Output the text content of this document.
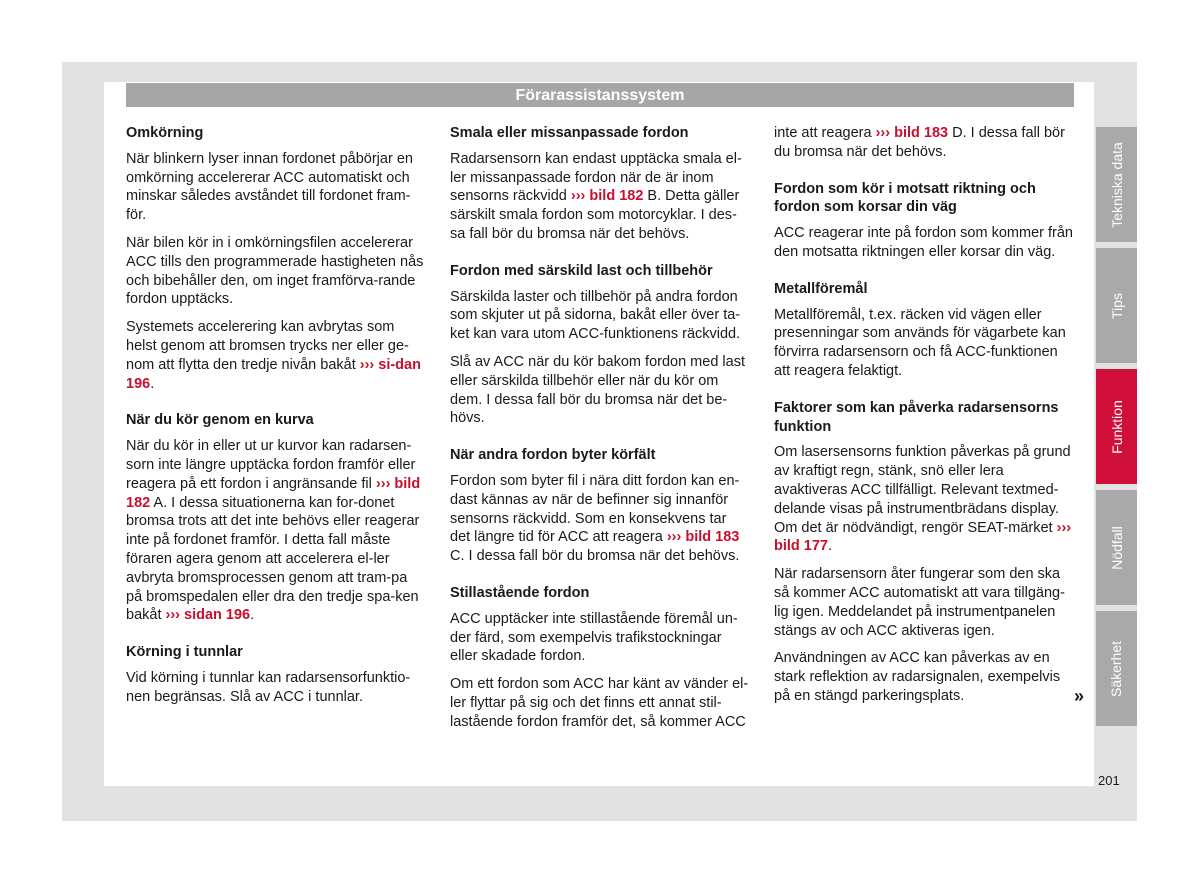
Förarassistanssystem
Omkörning

När blinkern lyser innan fordonet påbörjar en omkörning accelererar ACC automatiskt och minskar således avståndet till fordonet fram-för.

När bilen kör in i omkörningsfilen accelererar ACC tills den programmerade hastigheten nås och bibehåller den, om inget framförva-rande fordon upptäcks.

Systemets accelerering kan avbrytas som helst genom att bromsen trycks ner eller ge-nom att flytta den tredje nivån bakåt ››› si-dan 196.

När du kör genom en kurva

När du kör in eller ut ur kurvor kan radarsen-sorn inte längre upptäcka fordon framför eller reagera på ett fordon i angränsande fil ››› bild 182 A. I dessa situationerna kan for-donet bromsa trots att det inte behövs eller reagerar inte på fordonet framför. I detta fall måste föraren agera genom att accelerera el-ler avbryta bromsprocessen genom att tram-pa på bromspedalen eller dra den tredje spa-ken bakåt ››› sidan 196.

Körning i tunnlar

Vid körning i tunnlar kan radarsensorfunktio-nen begränsas. Slå av ACC i tunnlar.

Smala eller missanpassade fordon

Radarsensorn kan endast upptäcka smala el-ler missanpassade fordon när de är inom sensorns räckvidd ››› bild 182 B. Detta gäller särskilt smala fordon som motorcyklar. I des-sa fall bör du bromsa när det behövs.

Fordon med särskild last och tillbehör

Särskilda laster och tillbehör på andra fordon som skjuter ut på sidorna, bakåt eller över ta-ket kan vara utom ACC-funktionens räckvidd.

Slå av ACC när du kör bakom fordon med last eller särskilda tillbehör eller när du kör om dem. I dessa fall bör du bromsa när det be-hövs.

När andra fordon byter körfält

Fordon som byter fil i nära ditt fordon kan en-dast kännas av när de befinner sig innanför sensorns räckvidd. Som en konsekvens tar det längre tid för ACC att reagera ››› bild 183 C. I dessa fall bör du bromsa när det behövs.

Stillastående fordon

ACC upptäcker inte stillastående föremål un-der färd, som exempelvis trafikstockningar eller skadade fordon.

Om ett fordon som ACC har känt av vänder el-ler flyttar på sig och det finns ett annat stil-lastående fordon framför det, så kommer ACC

inte att reagera ››› bild 183 D. I dessa fall bör du bromsa när det behövs.

Fordon som kör i motsatt riktning och fordon som korsar din väg

ACC reagerar inte på fordon som kommer från den motsatta riktningen eller korsar din väg.

Metallföremål

Metallföremål, t.ex. räcken vid vägen eller presenningar som används för vägarbete kan förvirra radarsensorn och få ACC-funktionen att reagera felaktigt.

Faktorer som kan påverka radarsensorns funktion

Om lasersensorns funktion påverkas på grund av kraftigt regn, stänk, snö eller lera avaktiveras ACC tillfälligt. Relevant textmed-delande visas på instrumentbrädans display. Om det är nödvändigt, rengör SEAT-märket ››› bild 177.

När radarsensorn åter fungerar som den ska så kommer ACC automatiskt att vara tillgäng-lig igen. Meddelandet på instrumentpanelen stängs av och ACC aktiveras igen.

Användningen av ACC kan påverkas av en stark reflektion av radarsignalen, exempelvis på en stängd parkeringsplats.	»
Tekniska data
Tips
Funktion
Nödfall
Säkerhet
201
